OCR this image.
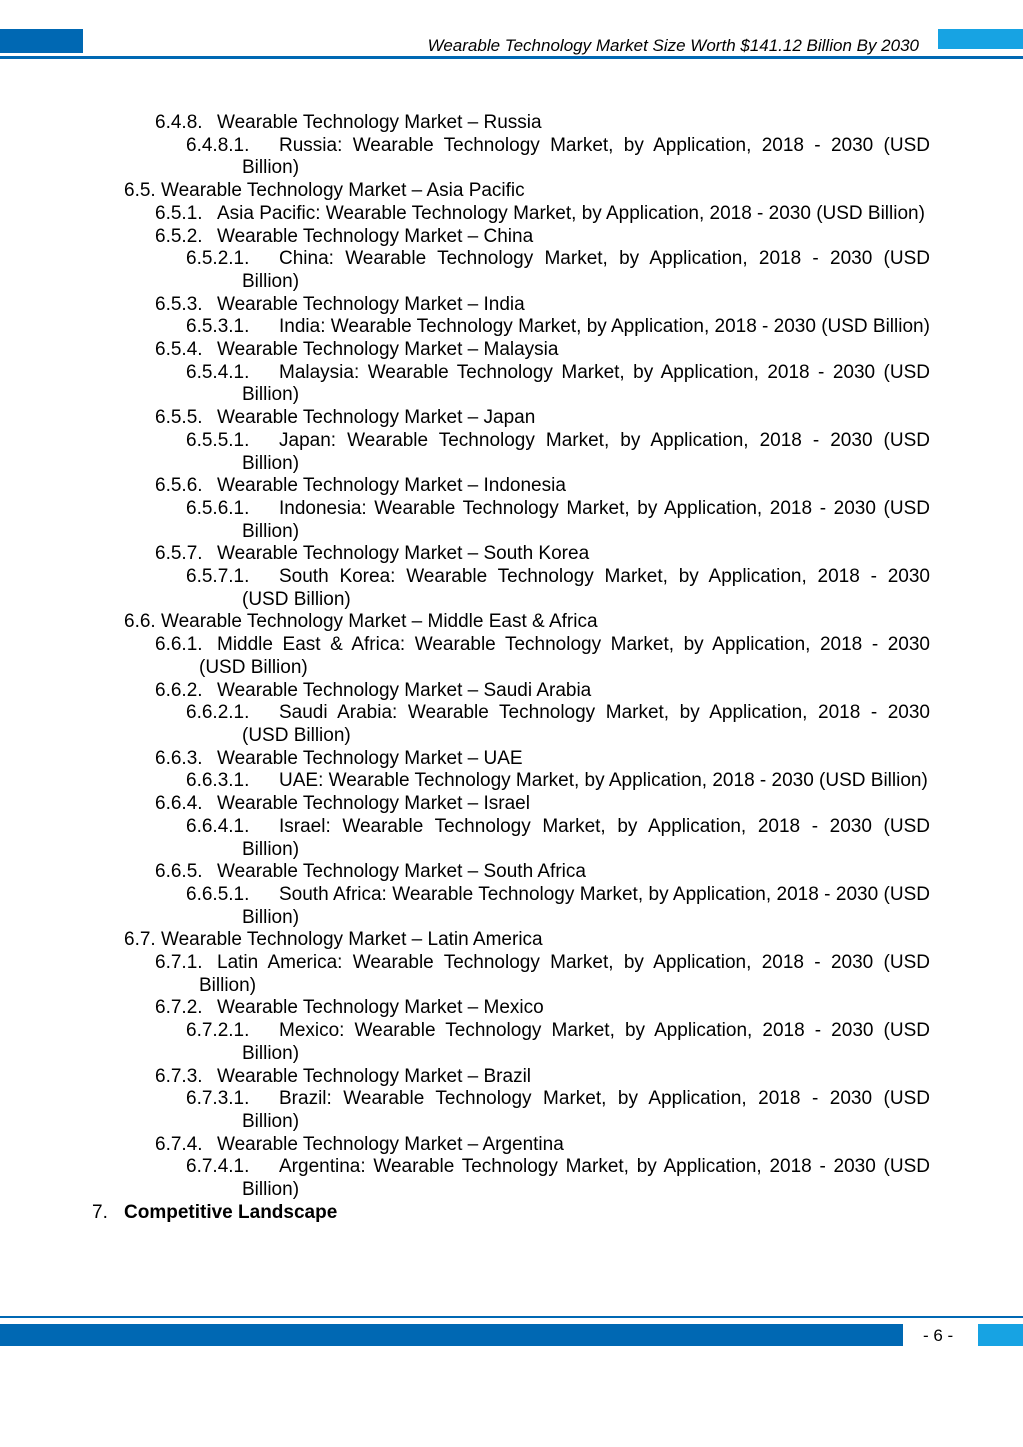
Wearable Technology Market Size Worth $141.12 Billion By 2030
6.4.8. Wearable Technology Market – Russia
6.4.8.1.	Russia: Wearable Technology Market, by Application, 2018 - 2030 (USD Billion)
6.5. Wearable Technology Market – Asia Pacific
6.5.1. Asia Pacific: Wearable Technology Market, by Application, 2018 - 2030 (USD Billion)
6.5.2. Wearable Technology Market – China
6.5.2.1.	China: Wearable Technology Market, by Application, 2018 - 2030 (USD Billion)
6.5.3. Wearable Technology Market – India
6.5.3.1.	India: Wearable Technology Market, by Application, 2018 - 2030 (USD Billion)
6.5.4. Wearable Technology Market – Malaysia
6.5.4.1.	Malaysia: Wearable Technology Market, by Application, 2018 - 2030 (USD Billion)
6.5.5. Wearable Technology Market – Japan
6.5.5.1.	Japan: Wearable Technology Market, by Application, 2018 - 2030 (USD Billion)
6.5.6. Wearable Technology Market – Indonesia
6.5.6.1.	Indonesia: Wearable Technology Market, by Application, 2018 - 2030 (USD Billion)
6.5.7. Wearable Technology Market – South Korea
6.5.7.1.	South Korea: Wearable Technology Market, by Application, 2018 - 2030 (USD Billion)
6.6. Wearable Technology Market – Middle East & Africa
6.6.1. Middle East & Africa: Wearable Technology Market, by Application, 2018 - 2030 (USD Billion)
6.6.2. Wearable Technology Market – Saudi Arabia
6.6.2.1.	Saudi Arabia: Wearable Technology Market, by Application, 2018 - 2030 (USD Billion)
6.6.3. Wearable Technology Market – UAE
6.6.3.1.	UAE: Wearable Technology Market, by Application, 2018 - 2030 (USD Billion)
6.6.4. Wearable Technology Market – Israel
6.6.4.1.	Israel: Wearable Technology Market, by Application, 2018 - 2030 (USD Billion)
6.6.5. Wearable Technology Market – South Africa
6.6.5.1.	South Africa: Wearable Technology Market, by Application, 2018 - 2030 (USD Billion)
6.7. Wearable Technology Market – Latin America
6.7.1. Latin America: Wearable Technology Market, by Application, 2018 - 2030 (USD Billion)
6.7.2. Wearable Technology Market – Mexico
6.7.2.1.	Mexico: Wearable Technology Market, by Application, 2018 - 2030 (USD Billion)
6.7.3. Wearable Technology Market – Brazil
6.7.3.1.	Brazil: Wearable Technology Market, by Application, 2018 - 2030 (USD Billion)
6.7.4. Wearable Technology Market – Argentina
6.7.4.1.	Argentina: Wearable Technology Market, by Application, 2018 - 2030 (USD Billion)
7. Competitive Landscape
- 6 -
